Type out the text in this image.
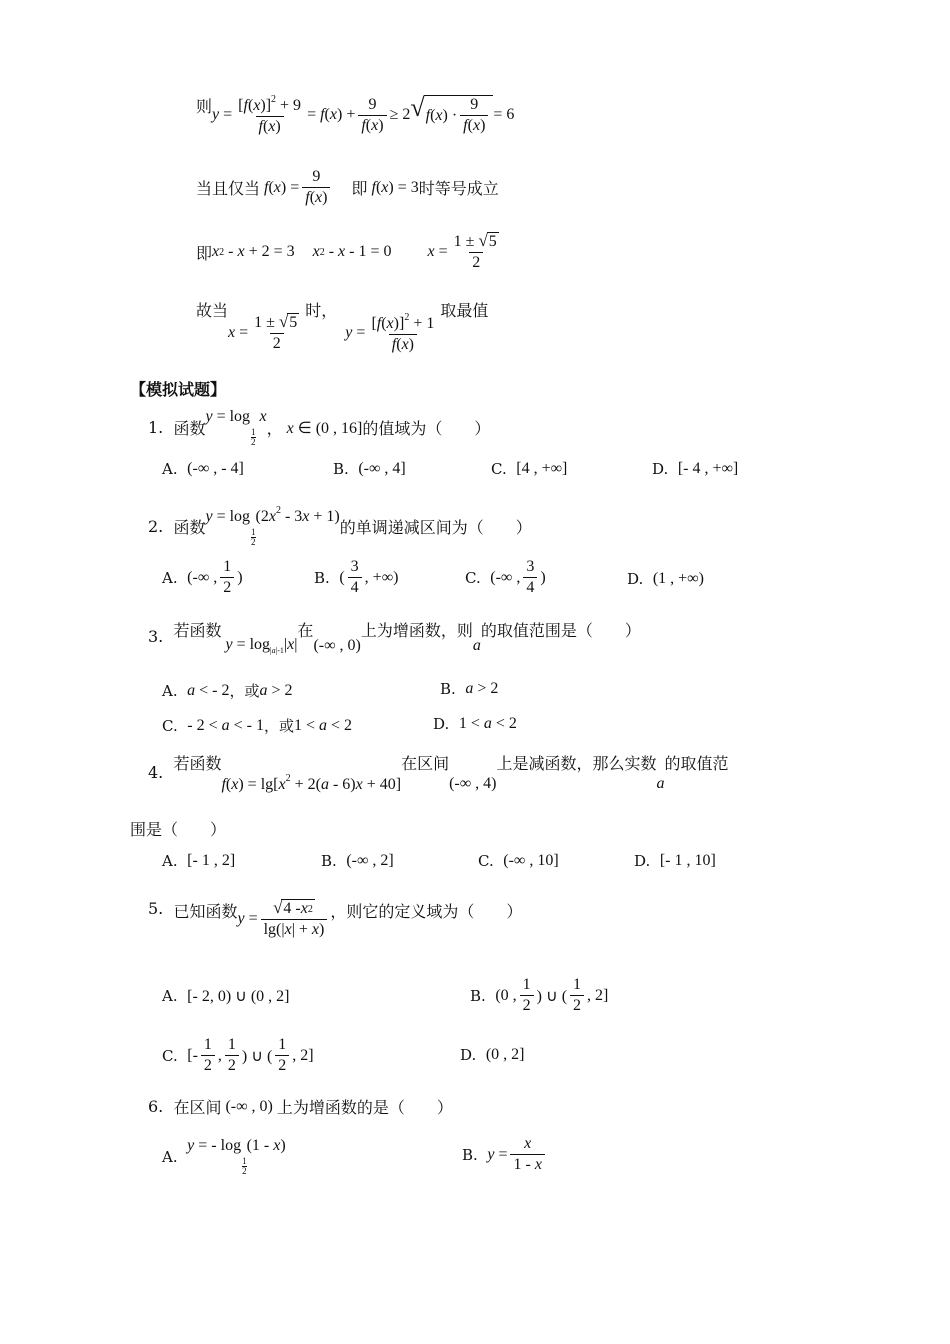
则 $y = \frac{[f(x)]^2 + 9}{f(x)} = f$ ( x ) + $\frac{9}{f(x)} \ge 2$ √ f ( x ) · $\frac{9}{f(x)} = 6$
当且仅当
f ( x ) = $\frac{9}{f(x)}$ 即 f(x) = 3 时等号成立
即 x 2 - x + 2 = 3 x 2 - x - 1 = 0 $x = \frac{1 \pm √ 5}{2}$
故当
$x = \frac{1 \pm √ 5}{2}$
时，

$y = \frac{[f(x)]^2 + 1}{f(x)}$
取最值
【模拟试题】
1.
函数
y = log
$\frac{1}{2}$
x
， x ∈ (0 , 16] 的值域为（　　）
A.
(-∞ , - 4]	B.
(-∞ , 4]	C.
[4 , +∞]	D.
[- 4 , +∞]
2.
函数
y = log
$\frac{1}{2}$
$(2x^2 - 3x + 1)$
的单调递减区间为（　　）
A.
(-∞ , $\frac{1}{2}$ )	B.
( $\frac{3}{4}$ , +∞)	C.
(-∞ , $\frac{3}{4}$ )	D.
(1 , +∞)
3.
若函数
$y = \log_{|a|-1}|x|$
在
(-∞ , 0)
上为增函数，则
a
的取值范围是（　　）
A.
a < - 2 ，或 a > 2	B.
a > 2
C.
- 2 < a < - 1 ，或 1 < a < 2	D.
1 < a < 2
4.
若函数
$f(x) = \lg[x^2 + 2(a - 6)x + 40]$
在区间
(-∞ , 4)
上是减函数，那么实数
a
的取值范
围是（　　）
A.
[- 1 , 2]	B.
(-∞ , 2]	C.
(-∞ , 10]	D.
[- 1 , 10]
5.
已知函数 $y = \frac{√ 4 - x 2}{\lg(|x| + x)}$ ，则它的定义域为（　　）
A.
[- 2, 0) ∪ (0 , 2]	B.
(0 , $\frac{1}{2}$ ) ∪ ( $\frac{1}{2}$ , 2]
C.
[- $\frac{1}{2}$ , $\frac{1}{2}$ ) ∪ ( $\frac{1}{2}$ , 2]	D.
(0 , 2]
6.
在区间 (-∞ , 0) 上为增函数的是（　　）
A.

y = - log
$\frac{1}{2}$
(1 - x)	B.
$y = \frac{x}{1 - x}$
